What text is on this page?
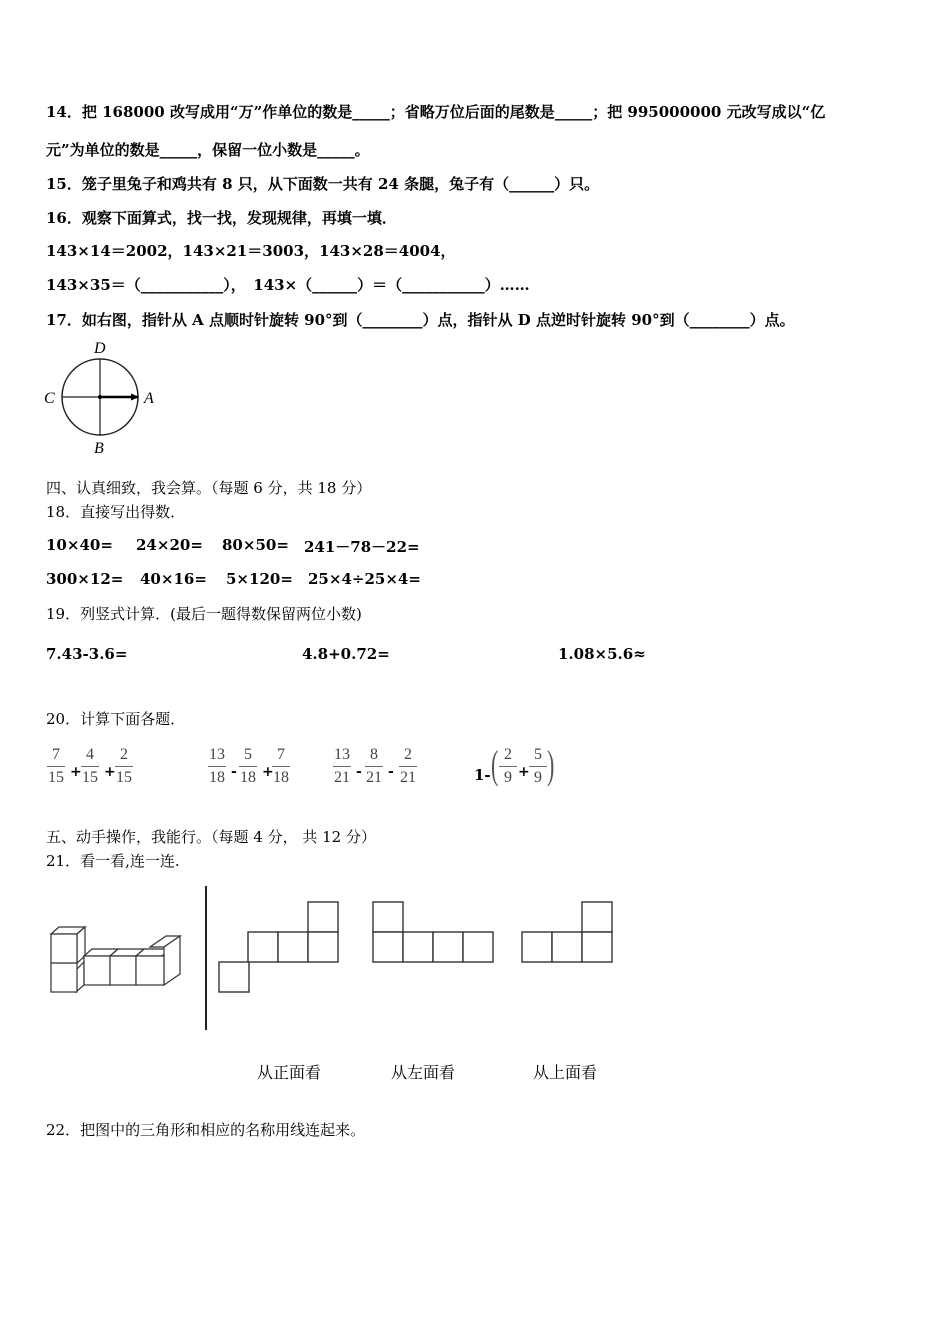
14．把 168000 改写成用“万”作单位的数是_____；省略万位后面的尾数是_____；把 995000000 元改写成以“亿
元”为单位的数是_____，保留一位小数是_____。
15．笼子里兔子和鸡共有 8 只，从下面数一共有 24 条腿，兔子有（______）只。
16．观察下面算式，找一找，发现规律，再填一填．
143×14＝2002，143×21＝3003，143×28＝4004，
143×35＝（___________），　143×（______）＝（___________）……
17．如右图，指针从 A 点顺时针旋转 90°到（________）点，指针从 D 点逆时针旋转 90°到（________）点。
D
C	A
B
四、认真细致，我会算。（每题 6 分，共 18 分）
18．直接写出得数．
10×40= 24×20= 80×50= 241－78－22=
300×12= 40×16= 5×120= 25×4÷25×4=
19．列竖式计算．(最后一题得数保留两位小数)
7.43-3.6=	4.8+0.72=	1.08×5.6≈
20．计算下面各题．
7
15 +
4
15 +
2
15
13
18 -
5
18 +
7
18
13
21 -
8
21 -
2
21	1- ( 2
9 +
5
9 )
五、动手操作，我能行。（每题 4 分， 共 12 分）
21．看一看,连一连.
从正面看	从左面看	从上面看
22．把图中的三角形和相应的名称用线连起来。
